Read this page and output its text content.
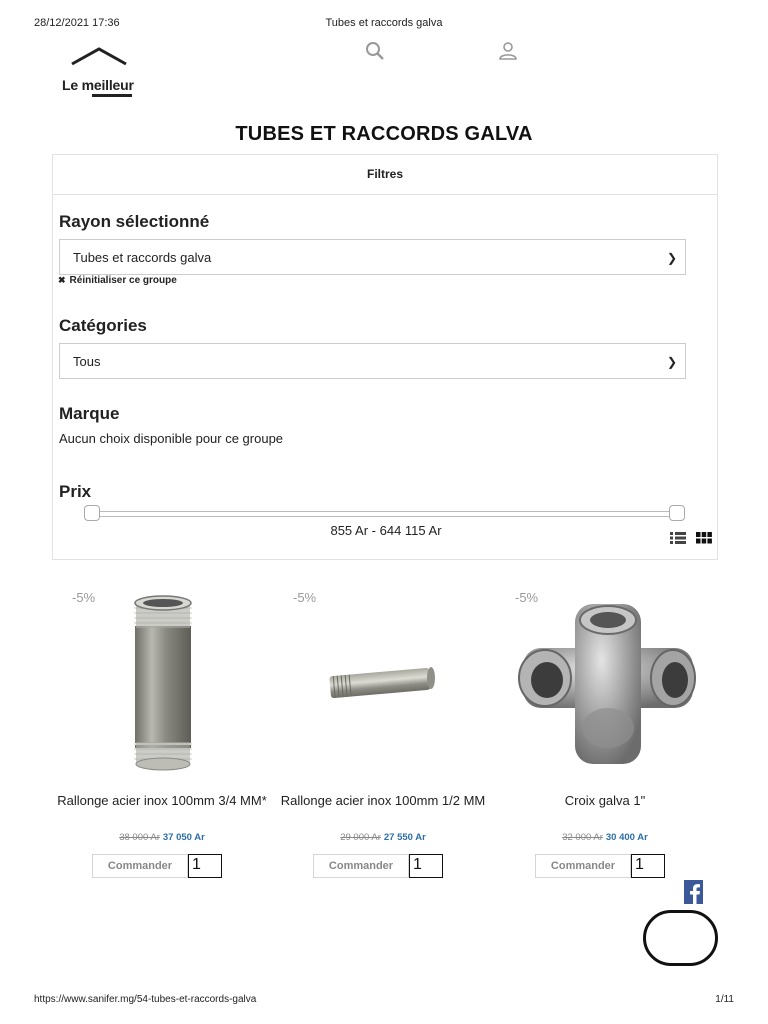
28/12/2021 17:36	Tubes et raccords galva
Le meilleur
TUBES ET RACCORDS GALVA
Filtres
Rayon sélectionné
Tubes et raccords galva	❯
✖ Réinitialiser ce groupe
Catégories
Tous	❯
Marque
Aucun choix disponible pour ce groupe
Prix
855 Ar - 644 115 Ar
-5%
Rallonge acier inox 100mm 3/4 MM*
38 000 Ar 37 050 Ar
Commander	1
-5%
Rallonge acier inox 100mm 1/2 MM
29 000 Ar 27 550 Ar
Commander	1
-5%
Croix galva 1"
32 000 Ar 30 400 Ar
Commander	1
https://www.sanifer.mg/54-tubes-et-raccords-galva	1/11
